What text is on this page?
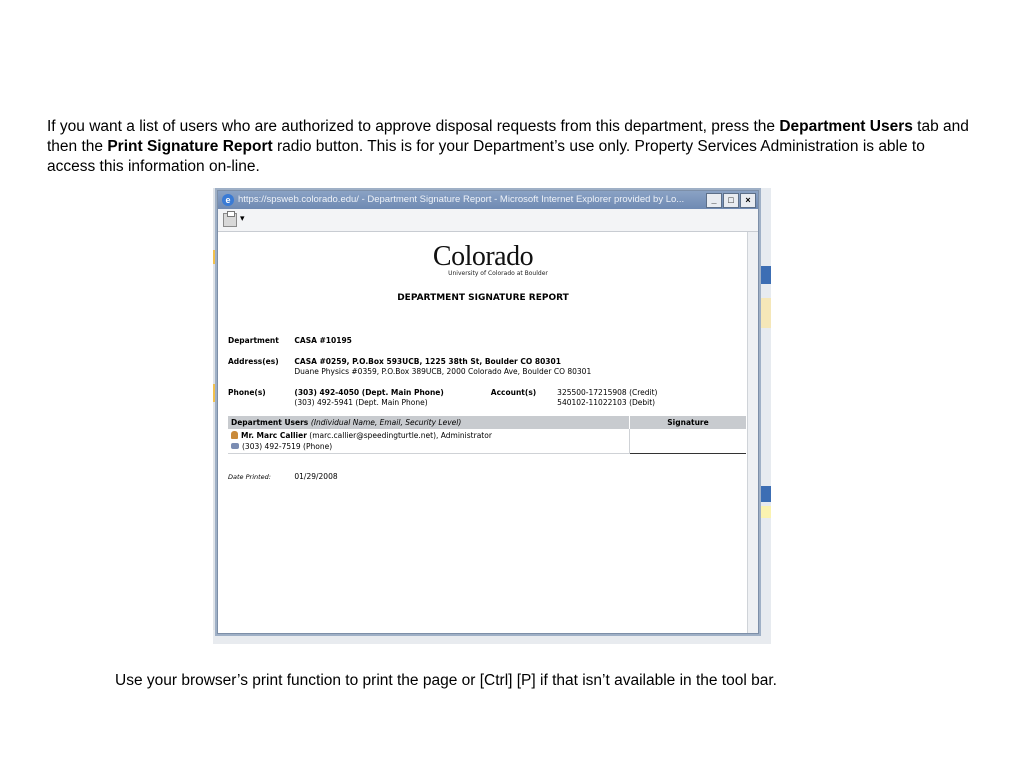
If you want a list of users who are authorized to approve disposal requests from this department, press the Department Users tab and then the Print Signature Report radio button. This is for your Department’s use only. Property Services Administration is able to access this information on-line.
e https://spsweb.colorado.edu/ - Department Signature Report - Microsoft Internet Explorer provided by Lo...	_	□	×
▾
Colorado
University of Colorado at Boulder
DEPARTMENT SIGNATURE REPORT
Department CASA #10195
Address(es) CASA #0259, P.O.Box 593UCB, 1225 38th St, Boulder CO 80301
Duane Physics #0359, P.O.Box 389UCB, 2000 Colorado Ave, Boulder CO 80301
Phone(s)	(303) 492-4050 (Dept. Main Phone)
(303) 492-5941 (Dept. Main Phone)
Account(s)	325500-17215908 (Credit)
540102-11022103 (Debit)
Department Users (Individual Name, Email, Security Level)	Signature

Mr. Marc Callier (marc.callier@speedingturtle.net), Administrator
(303) 492-7519 (Phone)	

Date Printed:	01/29/2008
Use your browser’s print function to print the page or [Ctrl] [P] if that isn’t available in the tool bar.
